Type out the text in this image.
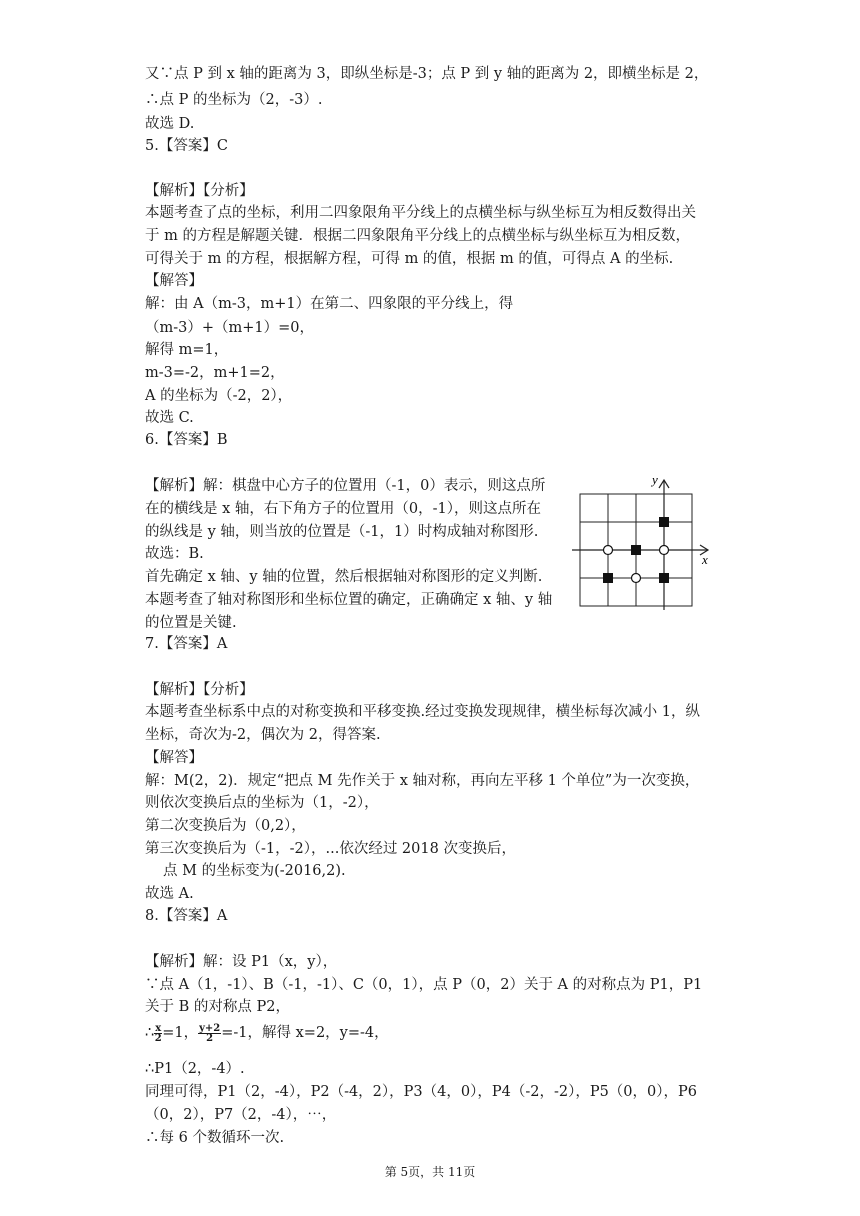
又∵点 P 到 x 轴的距离为 3，即纵坐标是-3；点 P 到 y 轴的距离为 2，即横坐标是 2，
∴点 P 的坐标为（2，-3）.
故选 D.
5.【答案】C
【解析】【分析】
本题考查了点的坐标，利用二四象限角平分线上的点横坐标与纵坐标互为相反数得出关
于 m 的方程是解题关键．根据二四象限角平分线上的点横坐标与纵坐标互为相反数，
可得关于 m 的方程，根据解方程，可得 m 的值，根据 m 的值，可得点 A 的坐标.
【解答】
解：由 A（m-3，m+1）在第二、四象限的平分线上，得
（m-3）+（m+1）=0，
解得 m=1，
m-3=-2，m+1=2，
A 的坐标为（-2，2），
故选 C.
6.【答案】B
【解析】解：棋盘中心方子的位置用（-1，0）表示，则这点所
在的横线是 x 轴，右下角方子的位置用（0，-1），则这点所在
的纵线是 y 轴，则当放的位置是（-1，1）时构成轴对称图形.
故选：B.
首先确定 x 轴、y 轴的位置，然后根据轴对称图形的定义判断.
本题考查了轴对称图形和坐标位置的确定，正确确定 x 轴、y 轴
的位置是关键.
7.【答案】A
x
y
【解析】【分析】
本题考查坐标系中点的对称变换和平移变换.经过变换发现规律，横坐标每次减小 1，纵
坐标，奇次为-2，偶次为 2，得答案.
【解答】
解：M(2，2)．规定“把点 M 先作关于 x 轴对称，再向左平移 1 个单位”为一次变换，
则依次变换后点的坐标为（1，-2），
第二次变换后为（0,2），
第三次变换后为（-1，-2），...依次经过 2018 次变换后，
点 M 的坐标变为(-2016,2).
故选 A.
8.【答案】A
【解析】解：设 P1（x，y），
∵点 A（1，-1）、B（-1，-1）、C（0，1），点 P（0，2）关于 A 的对称点为 P1，P1
关于 B 的对称点 P2，
∴ $\frac{x}{2} =1$， $\frac{y+2}{2} =-1$，解得 x=2，y=-4，
∴P1（2，-4）.
同理可得，P1（2，-4），P2（-4，2），P3（4，0），P4（-2，-2），P5（0，0），P6
（0，2），P7（2，-4），⋯，
∴每 6 个数循环一次.
第 5页，共 11页
